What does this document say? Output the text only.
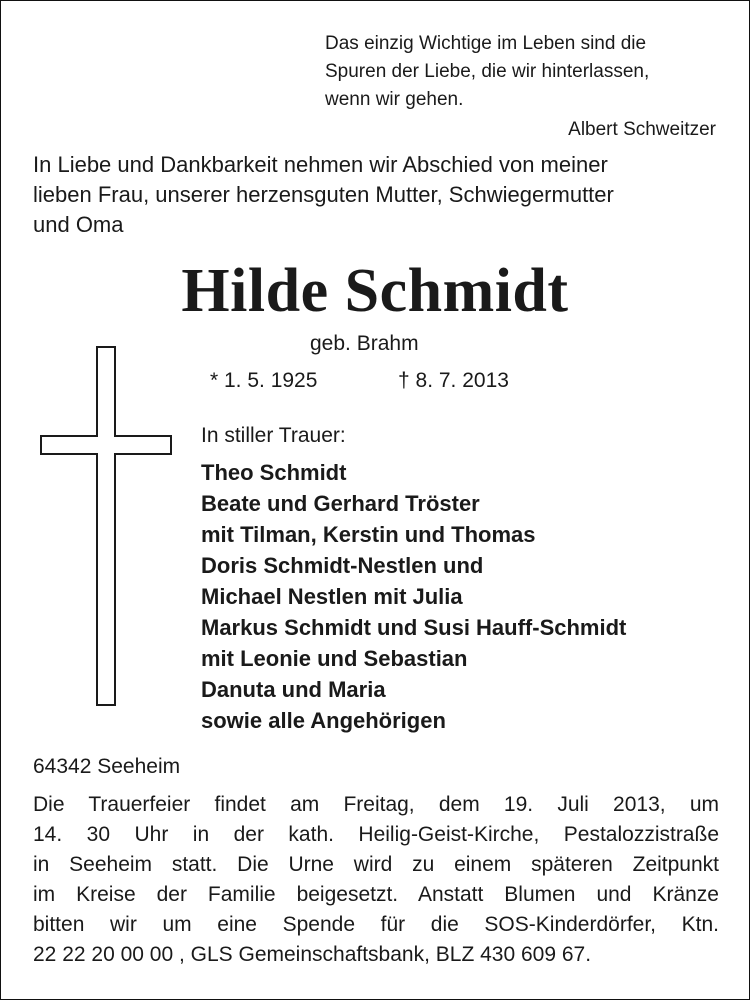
Das einzig Wichtige im Leben sind die
Spuren der Liebe, die wir hinterlassen,
wenn wir gehen.
Albert Schweitzer
In Liebe und Dankbarkeit nehmen wir Abschied von meiner
lieben Frau, unserer herzensguten Mutter, Schwiegermutter
und Oma
Hilde Schmidt
geb. Brahm
* 1. 5. 1925	† 8. 7. 2013
In stiller Trauer:
Theo Schmidt
Beate und Gerhard Tröster
mit Tilman, Kerstin und Thomas
Doris Schmidt-Nestlen und
Michael Nestlen mit Julia
Markus Schmidt und Susi Hauff-Schmidt
mit Leonie und Sebastian
Danuta und Maria
sowie alle Angehörigen
64342 Seeheim
Die Trauerfeier findet am Freitag, dem 19. Juli 2013, um
14. 30 Uhr in der kath. Heilig-Geist-Kirche, Pestalozzistraße
in Seeheim statt. Die Urne wird zu einem späteren Zeitpunkt
im Kreise der Familie beigesetzt. Anstatt Blumen und Kränze
bitten wir um eine Spende für die SOS-Kinderdörfer, Ktn.
22 22 20 00 00 , GLS Gemeinschaftsbank, BLZ 430 609 67.
